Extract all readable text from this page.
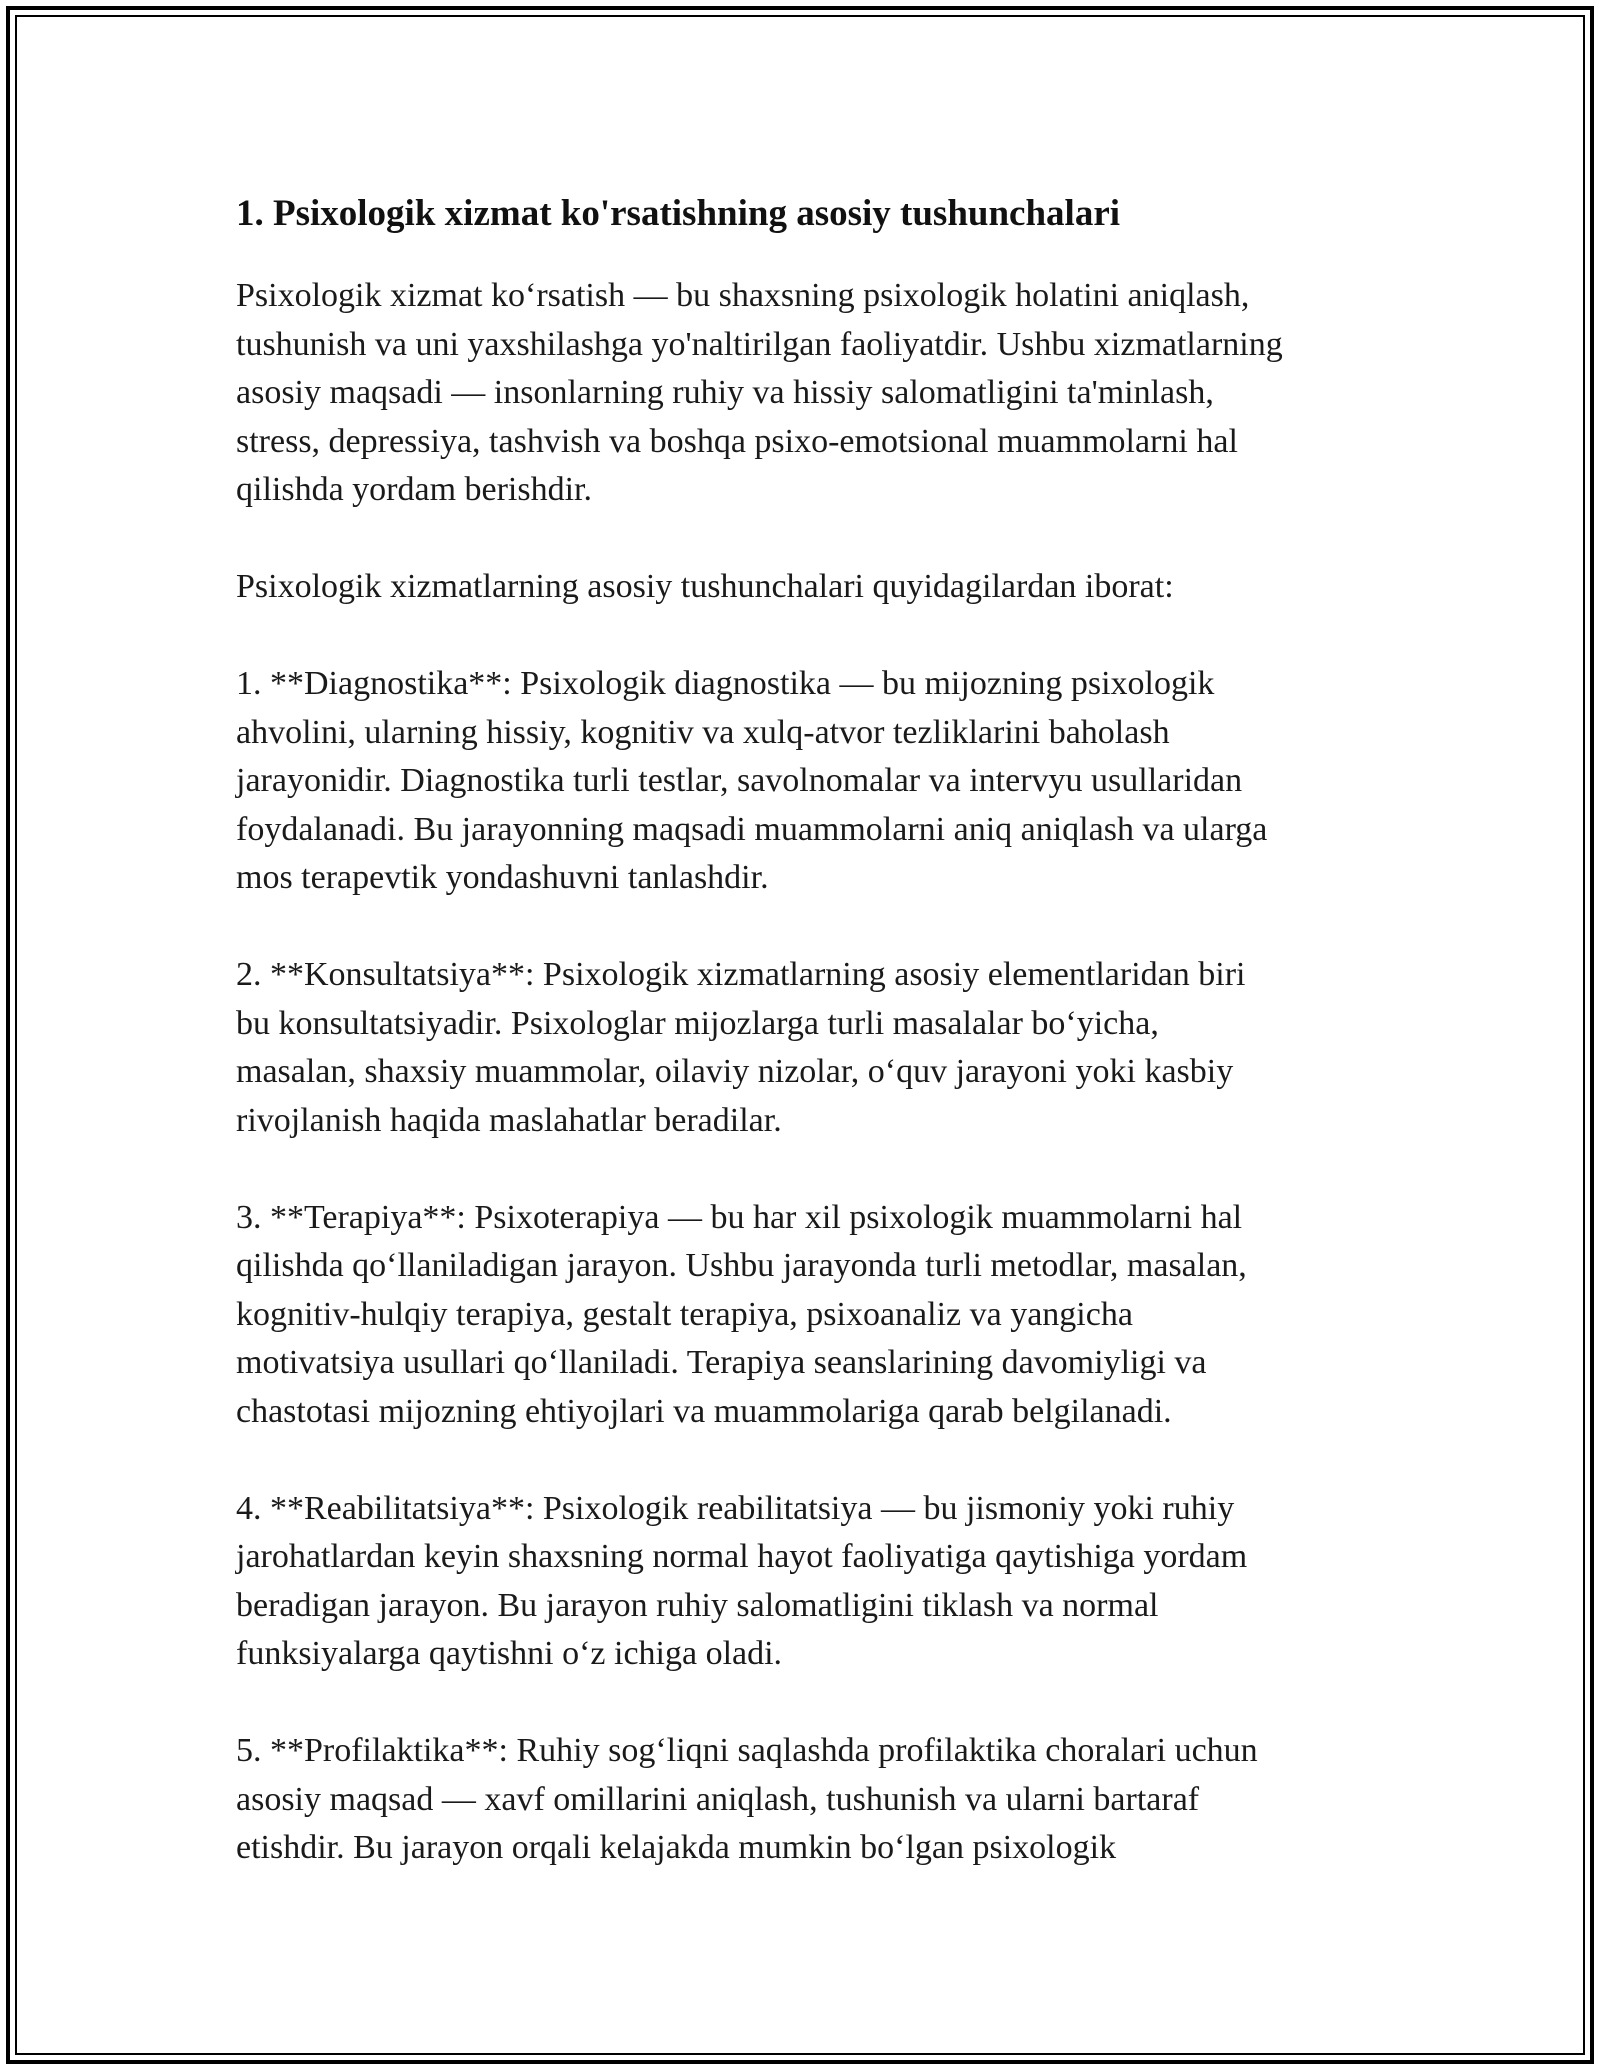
1. Psixologik xizmat ko'rsatishning asosiy tushunchalari

Psixologik xizmat ko‘rsatish — bu shaxsning psixologik holatini aniqlash,
tushunish va uni yaxshilashga yo'naltirilgan faoliyatdir. Ushbu xizmatlarning
asosiy maqsadi — insonlarning ruhiy va hissiy salomatligini ta'minlash,
stress, depressiya, tashvish va boshqa psixo-emotsional muammolarni hal
qilishda yordam berishdir.

Psixologik xizmatlarning asosiy tushunchalari quyidagilardan iborat:

1. **Diagnostika**: Psixologik diagnostika — bu mijozning psixologik
ahvolini, ularning hissiy, kognitiv va xulq-atvor tezliklarini baholash
jarayonidir. Diagnostika turli testlar, savolnomalar va intervyu usullaridan
foydalanadi. Bu jarayonning maqsadi muammolarni aniq aniqlash va ularga
mos terapevtik yondashuvni tanlashdir.

2. **Konsultatsiya**: Psixologik xizmatlarning asosiy elementlaridan biri
bu konsultatsiyadir. Psixologlar mijozlarga turli masalalar bo‘yicha,
masalan, shaxsiy muammolar, oilaviy nizolar, o‘quv jarayoni yoki kasbiy
rivojlanish haqida maslahatlar beradilar.

3. **Terapiya**: Psixoterapiya — bu har xil psixologik muammolarni hal
qilishda qo‘llaniladigan jarayon. Ushbu jarayonda turli metodlar, masalan,
kognitiv-hulqiy terapiya, gestalt terapiya, psixoanaliz va yangicha
motivatsiya usullari qo‘llaniladi. Terapiya seanslarining davomiyligi va
chastotasi mijozning ehtiyojlari va muammolariga qarab belgilanadi.

4. **Reabilitatsiya**: Psixologik reabilitatsiya — bu jismoniy yoki ruhiy
jarohatlardan keyin shaxsning normal hayot faoliyatiga qaytishiga yordam
beradigan jarayon. Bu jarayon ruhiy salomatligini tiklash va normal
funksiyalarga qaytishni o‘z ichiga oladi.

5. **Profilaktika**: Ruhiy sog‘liqni saqlashda profilaktika choralari uchun
asosiy maqsad — xavf omillarini aniqlash, tushunish va ularni bartaraf
etishdir. Bu jarayon orqali kelajakda mumkin bo‘lgan psixologik
